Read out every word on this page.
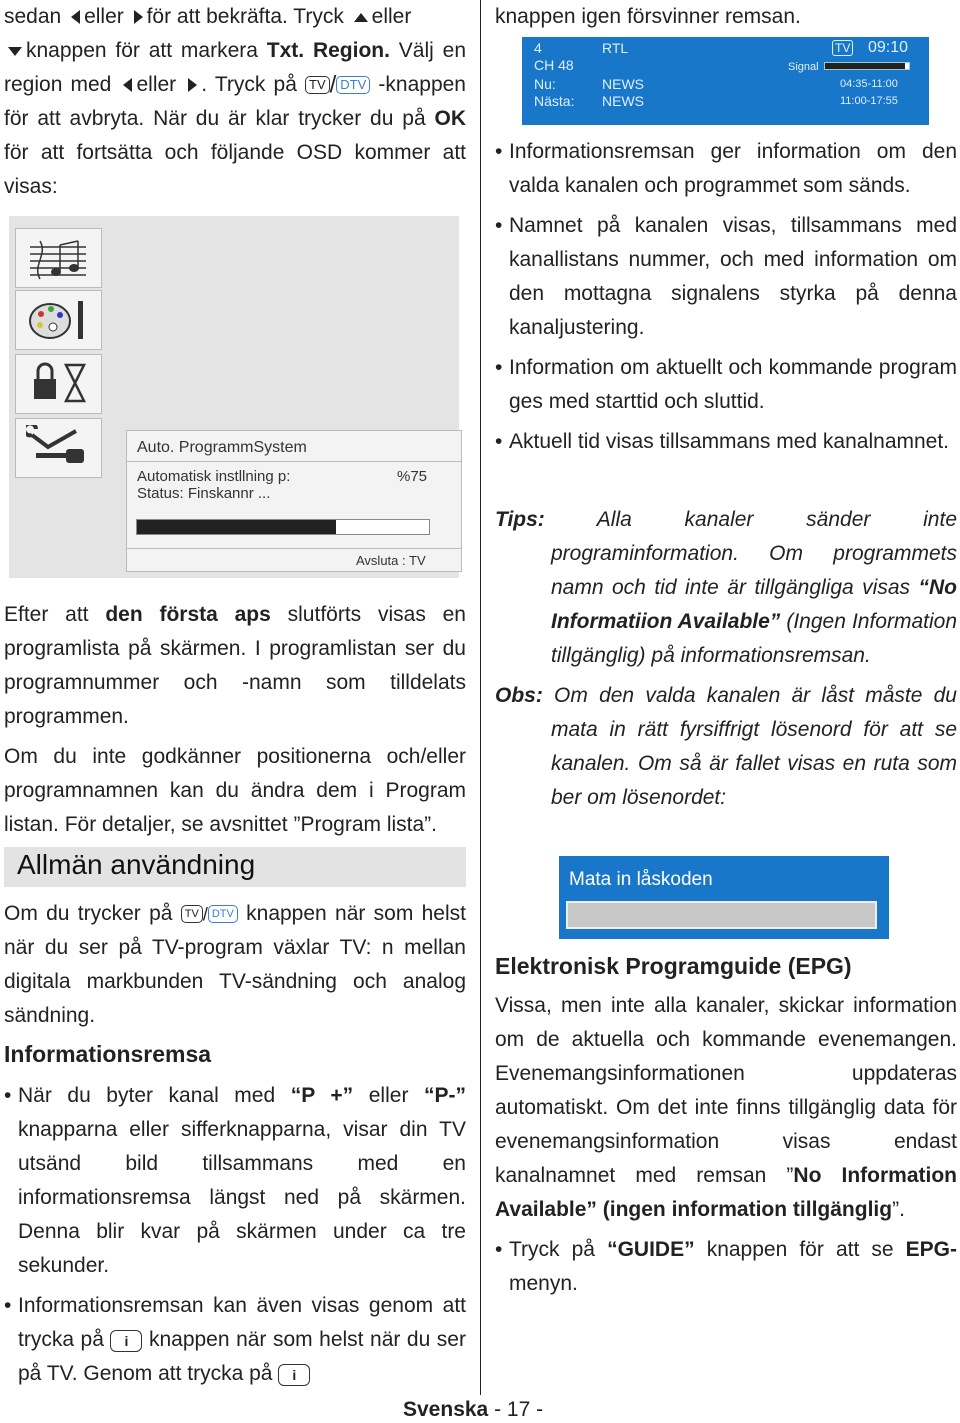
sedan eller för att bekräfta. Tryck eller
knappen för att markera Txt. Region. Välj en region med eller . Tryck på TV / DTV -knappen för att avbryta. När du är klar trycker du på OK för att fortsätta och följande OSD kommer att visas:

Auto. ProgrammSystem
Automatisk instllning p:	%75
Status: Finskannr ...
Avsluta : TV

Efter att den första aps slutförts visas en programlista på skärmen. I programlistan ser du programnummer och -namn som tilldelats programmen.

Om du inte godkänner positionerna och/eller programnamnen kan du ändra dem i Program listan. För detaljer, se avsnittet ”Program lista”.

Allmän användning

Om du trycker på TV / DTV knappen när som helst när du ser på TV-program växlar TV: n mellan digitala markbunden TV-sändning och analog sändning.

Informationsremsa

• När du byter kanal med “P +” eller “P-” knapparna eller sifferknapparna, visar din TV utsänd bild tillsammans med en informationsremsa längst ned på skärmen. Denna blir kvar på skärmen under ca tre sekunder.

• Informationsremsan kan även visas genom att trycka på i knappen när som helst när du ser på TV. Genom att trycka på i

knappen igen försvinner remsan.

4	RTL	TV 09:10
CH 48	Signal
Nu:	NEWS	04:35-11:00
Nästa: NEWS	11:00-17:55

• Informationsremsan ger information om den valda kanalen och programmet som sänds.

• Namnet på kanalen visas, tillsammans med kanallistans nummer, och med information om den mottagna signalens styrka på denna kanaljustering.

• Information om aktuellt och kommande program ges med starttid och sluttid.

• Aktuell tid visas tillsammans med kanalnamnet.

Tips: Alla kanaler sänder inte programinformation. Om programmets namn och tid inte är tillgängliga visas “No Informatiion Available” (Ingen Information tillgänglig) på informationsremsan.

Obs: Om den valda kanalen är låst måste du mata in rätt fyrsiffrigt lösenord för att se kanalen. Om så är fallet visas en ruta som ber om lösenordet:

Mata in låskoden

Elektronisk Programguide (EPG)

Vissa, men inte alla kanaler, skickar information om de aktuella och kommande evenemangen. Evenemangsinformationen uppdateras automatiskt. Om det inte finns tillgänglig data för evenemangsinformation visas endast kanalnamnet med remsan ”No Information Available” (ingen information tillgänglig”.

• Tryck på “GUIDE” knappen för att se EPG- menyn.

Svenska - 17 -
